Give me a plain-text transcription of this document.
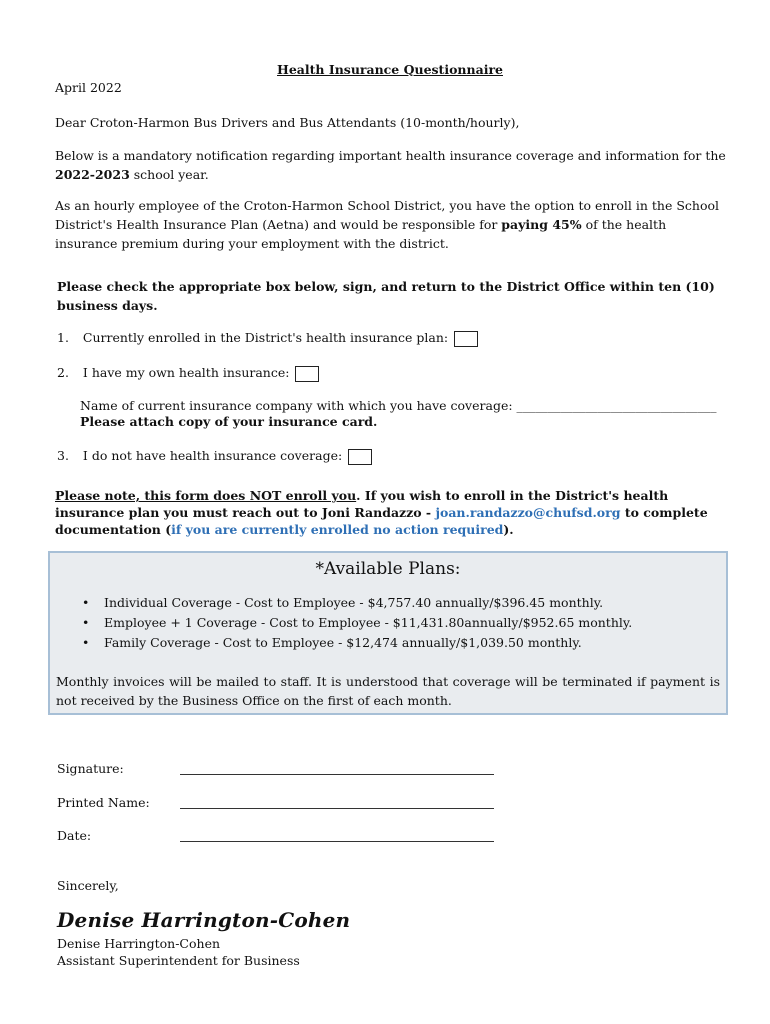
Health Insurance Questionnaire
April 2022
Dear Croton-Harmon Bus Drivers and Bus Attendants (10-month/hourly),
Below is a mandatory notification regarding important health insurance coverage and information for the 2022-2023 school year.
As an hourly employee of the Croton-Harmon School District, you have the option to enroll in the School District's Health Insurance Plan (Aetna) and would be responsible for paying 45% of the health insurance premium during your employment with the district.
Please check the appropriate box below, sign, and return to the District Office within ten (10) business days.
1. Currently enrolled in the District's health insurance plan:
2. I have my own health insurance:
Name of current insurance company with which you have coverage: ________________________________
Please attach copy of your insurance card.
3. I do not have health insurance coverage:
Please note, this form does NOT enroll you. If you wish to enroll in the District's health insurance plan you must reach out to Joni Randazzo - joan.randazzo@chufsd.org to complete documentation (if you are currently enrolled no action required).
*Available Plans:
• Individual Coverage - Cost to Employee - $4,757.40 annually/$396.45 monthly.
• Employee + 1 Coverage - Cost to Employee - $11,431.80annually/$952.65 monthly.
• Family Coverage - Cost to Employee - $12,474 annually/$1,039.50 monthly.
Monthly invoices will be mailed to staff. It is understood that coverage will be terminated if payment is not received by the Business Office on the first of each month.
Signature:
Printed Name:
Date:
Sincerely,
Denise Harrington-Cohen
Denise Harrington-Cohen
Assistant Superintendent for Business
